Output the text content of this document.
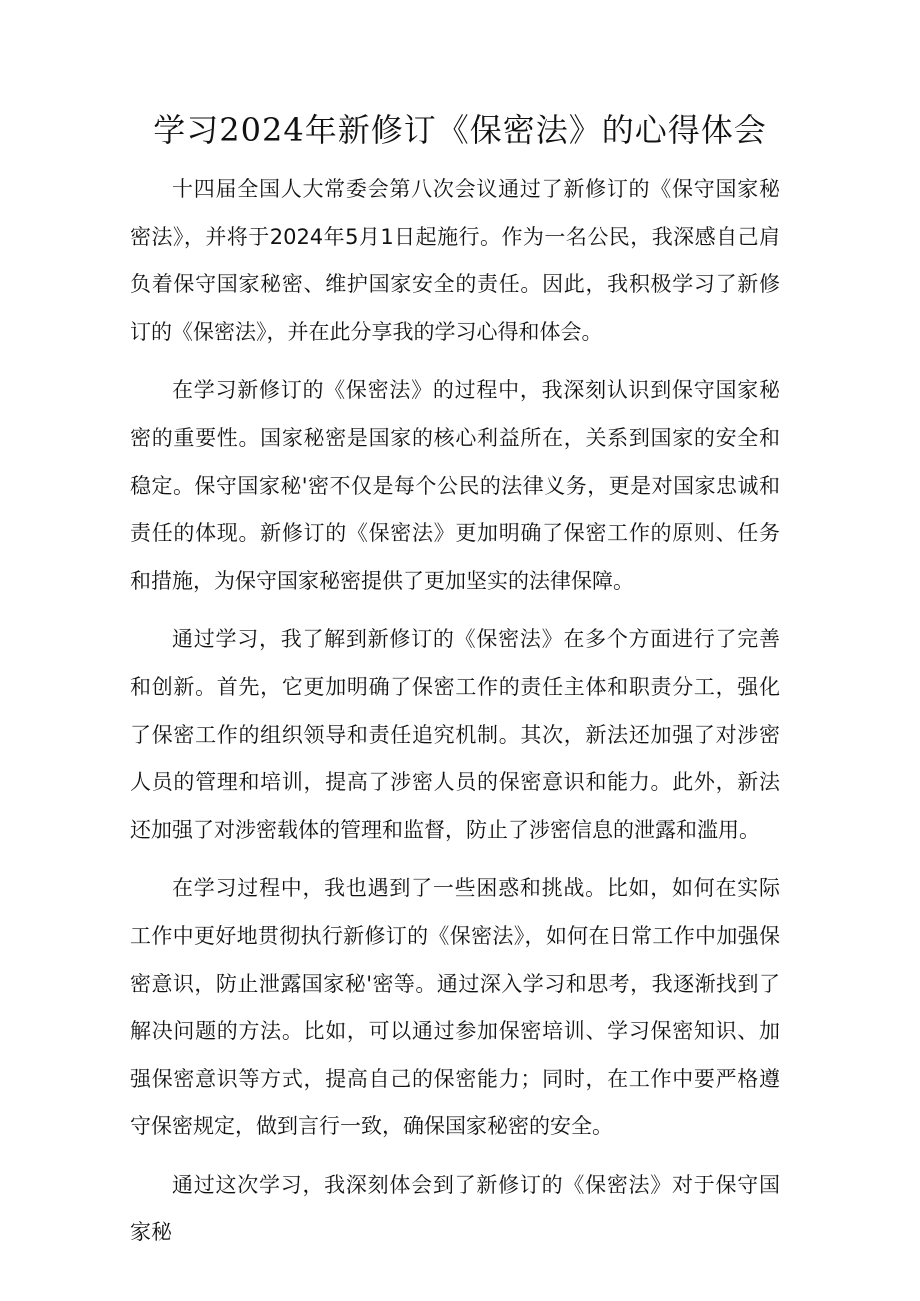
学习2024年新修订《保密法》的心得体会

十四届全国人大常委会第八次会议通过了新修订的《保守国家秘密法》，并将于2024年5月1日起施行。作为一名公民，我深感自己肩负着保守国家秘密、维护国家安全的责任。因此，我积极学习了新修订的《保密法》，并在此分享我的学习心得和体会。

在学习新修订的《保密法》的过程中，我深刻认识到保守国家秘密的重要性。国家秘密是国家的核心利益所在，关系到国家的安全和稳定。保守国家秘'密不仅是每个公民的法律义务，更是对国家忠诚和责任的体现。新修订的《保密法》更加明确了保密工作的原则、任务和措施，为保守国家秘密提供了更加坚实的法律保障。

通过学习，我了解到新修订的《保密法》在多个方面进行了完善和创新。首先，它更加明确了保密工作的责任主体和职责分工，强化了保密工作的组织领导和责任追究机制。其次，新法还加强了对涉密人员的管理和培训，提高了涉密人员的保密意识和能力。此外，新法还加强了对涉密载体的管理和监督，防止了涉密信息的泄露和滥用。

在学习过程中，我也遇到了一些困惑和挑战。比如，如何在实际工作中更好地贯彻执行新修订的《保密法》，如何在日常工作中加强保密意识，防止泄露国家秘'密等。通过深入学习和思考，我逐渐找到了解决问题的方法。比如，可以通过参加保密培训、学习保密知识、加强保密意识等方式，提高自己的保密能力；同时，在工作中要严格遵守保密规定，做到言行一致，确保国家秘密的安全。

通过这次学习，我深刻体会到了新修订的《保密法》对于保守国家秘
